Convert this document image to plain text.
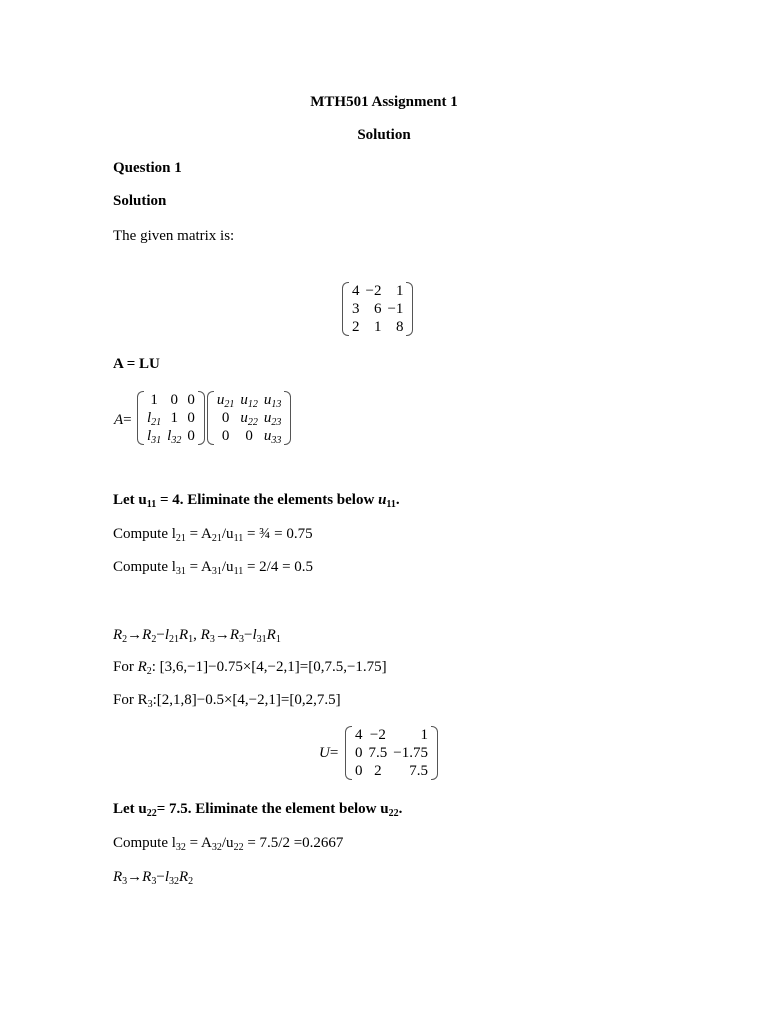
MTH501 Assignment 1
Solution
Question 1
Solution
The given matrix is:
4	−2	1
3	6	−1
2	1	8
A = LU
A=
1	0	0
$l_{21}$	1	0
$l_{31}$	$l_{32}$	0
$u_{21}$	$u_{12}$	$u_{13}$
0	$u_{22}$	$u_{23}$
0	0	$u_{33}$
Let $u_{11} = 4$. Eliminate the elements below $u_{11}$.
Compute $l_{21} = A_{21}/u_{11}$ = ¾ = 0.75
Compute $l_{31} = A_{31}/u_{11} = 2/4 = 0.5$
$R_2\to R_2-l_{21}R_1$, $R_3\to R_3-l_{31}R_1$
For $R_2$: [3,6,−1]−0.75×[4,−2,1]=[0,7.5,−1.75]
For $R_3:[2,1,8]-0.5\times[4,-2,1]=[0,2,7.5]$
U=
4	−2	1
0	7.5	−1.75
0	2	7.5
Let $u_{22}= 7.5$. Eliminate the element below $u_{22}$.
Compute $l_{32} = A_{32}/u_{22} = 7.5/2 =0.2667$
$R_3\to R_3-l_{32}R_2$
